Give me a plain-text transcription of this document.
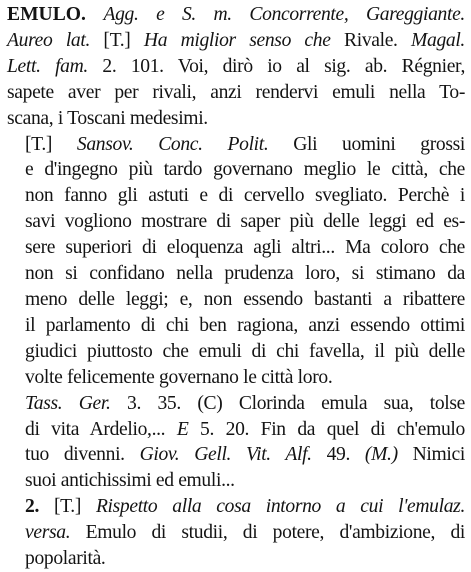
EMULO. Agg. e S. m. Concorrente, Gareggiante.
Aureo lat. [T.] Ha miglior senso che Rivale. Magal.
Lett. fam. 2. 101. Voi, dirò io al sig. ab. Régnier,
sapete aver per rivali, anzi rendervi emuli nella To-
scana, i Toscani medesimi.
[T.] Sansov. Conc. Polit. Gli uomini grossi
e d'ingegno più tardo governano meglio le città, che
non fanno gli astuti e di cervello svegliato. Perchè i
savi vogliono mostrare di saper più delle leggi ed es-
sere superiori di eloquenza agli altri... Ma coloro che
non si confidano nella prudenza loro, si stimano da
meno delle leggi; e, non essendo bastanti a ribattere
il parlamento di chi ben ragiona, anzi essendo ottimi
giudici piuttosto che emuli di chi favella, il più delle
volte felicemente governano le città loro.
Tass. Ger. 3. 35. (C) Clorinda emula sua, tolse
di vita Ardelio,... E 5. 20. Fin da quel di ch'emulo
tuo divenni. Giov. Gell. Vit. Alf. 49. (M.) Nimici
suoi antichissimi ed emuli...
2. [T.] Rispetto alla cosa intorno a cui l'emulaz.
versa. Emulo di studii, di potere, d'ambizione, di
popolarità.
